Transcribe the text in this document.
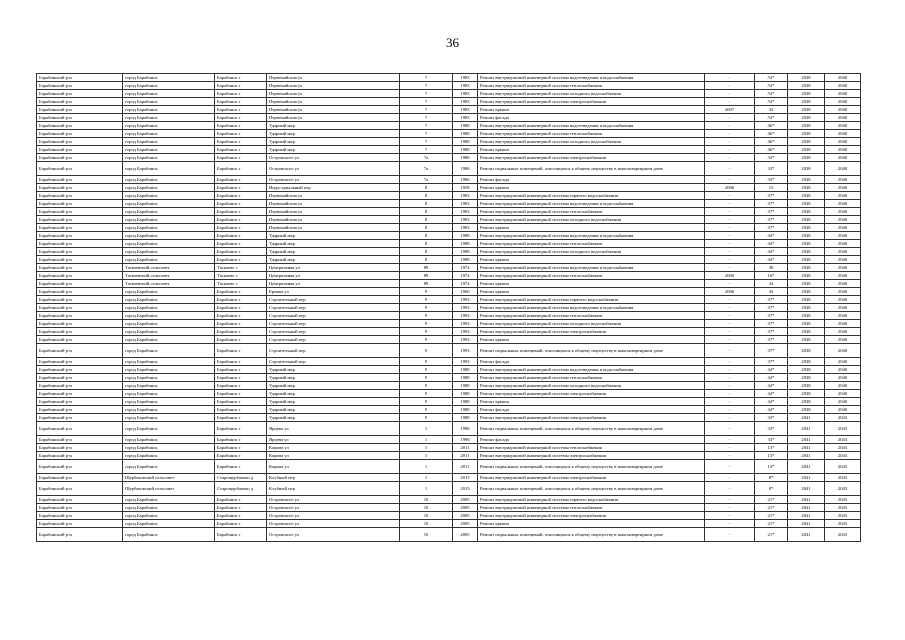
36
Барабинский р-н	город Барабинск	Барабинск г	Первомайская ул	7	1983	Ремонт внутридомовой инженерной системы водоотведения и водоснабжения	-	53*	2038	2040
Барабинский р-н	город Барабинск	Барабинск г	Первомайская ул	7	1983	Ремонт внутридомовой инженерной системы теплоснабжения	-	53*	2038	2040
Барабинский р-н	город Барабинск	Барабинск г	Первомайская ул	7	1983	Ремонт внутридомовой инженерной системы холодного водоснабжения	-	53*	2038	2040
Барабинский р-н	город Барабинск	Барабинск г	Первомайская ул	7	1983	Ремонт внутридомовой инженерной системы электроснабжения	-	53*	2038	2040
Барабинский р-н	город Барабинск	Барабинск г	Первомайская ул	7	1983	Ремонт крыши	2007	32	2038	2040
Барабинский р-н	город Барабинск	Барабинск г	Первомайская ул	7	1983	Ремонт фасада	-	53*	2038	2040
Барабинский р-н	город Барабинск	Барабинск г	Ударный мкр	7	1988	Ремонт внутридомовой инженерной системы водоотведения и водоснабжения	-	46*	2038	2040
Барабинский р-н	город Барабинск	Барабинск г	Ударный мкр	7	1988	Ремонт внутридомовой инженерной системы теплоснабжения	-	46*	2038	2040
Барабинский р-н	город Барабинск	Барабинск г	Ударный мкр	7	1988	Ремонт внутридомовой инженерной системы холодного водоснабжения	-	46*	2038	2040
Барабинский р-н	город Барабинск	Барабинск г	Ударный мкр	7	1988	Ремонт крыши	-	46*	2038	2040
Барабинский р-н	город Барабинск	Барабинск г	Островского ул	7а	1986	Ремонт внутридомовой инженерной системы электроснабжения	-	33*	2038	2040
Барабинский р-н	город Барабинск	Барабинск г	Островского ул	7а	1986	Ремонт подвальных помещений, относящихся к общему имуществу в многоквартирном доме	-	33*	2038	2040
Барабинский р-н	город Барабинск	Барабинск г	Островского ул	7а	1986	Ремонт фасада	-	33*	2038	2040
Барабинский р-н	город Барабинск	Барабинск г	Индустриальный пер	8	1958	Ремонт крыши	2006	15	2038	2040
Барабинский р-н	город Барабинск	Барабинск г	Первомайская ул	8	1983	Ремонт внутридомовой инженерной системы горячего водоснабжения	-	37*	2038	2040
Барабинский р-н	город Барабинск	Барабинск г	Первомайская ул	8	1983	Ремонт внутридомовой инженерной системы водоотведения и водоснабжения	-	37*	2038	2040
Барабинский р-н	город Барабинск	Барабинск г	Первомайская ул	8	1983	Ремонт внутридомовой инженерной системы теплоснабжения	-	37*	2038	2040
Барабинский р-н	город Барабинск	Барабинск г	Первомайская ул	8	1983	Ремонт внутридомовой инженерной системы холодного водоснабжения	-	37*	2038	2040
Барабинский р-н	город Барабинск	Барабинск г	Первомайская ул	8	1983	Ремонт крыши	-	37*	2038	2040
Барабинский р-н	город Барабинск	Барабинск г	Ударный мкр	8	1988	Ремонт внутридомовой инженерной системы водоотведения и водоснабжения	-	44*	2038	2040
Барабинский р-н	город Барабинск	Барабинск г	Ударный мкр	8	1988	Ремонт внутридомовой инженерной системы теплоснабжения	-	44*	2038	2040
Барабинский р-н	город Барабинск	Барабинск г	Ударный мкр	8	1988	Ремонт внутридомовой инженерной системы холодного водоснабжения	-	44*	2038	2040
Барабинский р-н	город Барабинск	Барабинск г	Ударный мкр	8	1988	Ремонт крыши	-	44*	2038	2040
Барабинский р-н	Таскаевский сельсовет	Таскаево с	Центральная ул	89	1974	Ремонт внутридомовой инженерной системы водоотведения и водоснабжения	-	30	2038	2040
Барабинский р-н	Таскаевский сельсовет	Таскаево с	Центральная ул	89	1974	Ремонт внутридомовой инженерной системы теплоснабжения	2000	16*	2038	2040
Барабинский р-н	Таскаевский сельсовет	Таскаево с	Центральная ул	89	1974	Ремонт крыши	-	34	2038	2040
Барабинский р-н	город Барабинск	Барабинск г	Ермака ул	9	1960	Ремонт крыши	2006	43	2038	2040
Барабинский р-н	город Барабинск	Барабинск г	Строительный пер	9	1993	Ремонт внутридомовой инженерной системы горячего водоснабжения	-	37*	2038	2040
Барабинский р-н	город Барабинск	Барабинск г	Строительный пер	9	1993	Ремонт внутридомовой инженерной системы водоотведения и водоснабжения	-	37*	2038	2040
Барабинский р-н	город Барабинск	Барабинск г	Строительный пер	9	1993	Ремонт внутридомовой инженерной системы теплоснабжения	-	37*	2038	2040
Барабинский р-н	город Барабинск	Барабинск г	Строительный пер	9	1993	Ремонт внутридомовой инженерной системы холодного водоснабжения	-	37*	2038	2040
Барабинский р-н	город Барабинск	Барабинск г	Строительный пер	9	1993	Ремонт внутридомовой инженерной системы электроснабжения	-	37*	2038	2040
Барабинский р-н	город Барабинск	Барабинск г	Строительный пер	9	1993	Ремонт крыши	-	37*	2038	2040
Барабинский р-н	город Барабинск	Барабинск г	Строительный пер	9	1993	Ремонт подвальных помещений, относящихся к общему имуществу в многоквартирном доме	-	37*	2038	2040
Барабинский р-н	город Барабинск	Барабинск г	Строительный пер	9	1993	Ремонт фасада	-	37*	2038	2040
Барабинский р-н	город Барабинск	Барабинск г	Ударный мкр	9	1988	Ремонт внутридомовой инженерной системы водоотведения и водоснабжения	-	44*	2038	2040
Барабинский р-н	город Барабинск	Барабинск г	Ударный мкр	9	1988	Ремонт внутридомовой инженерной системы теплоснабжения	-	44*	2038	2040
Барабинский р-н	город Барабинск	Барабинск г	Ударный мкр	9	1988	Ремонт внутридомовой инженерной системы холодного водоснабжения	-	44*	2038	2040
Барабинский р-н	город Барабинск	Барабинск г	Ударный мкр	9	1988	Ремонт внутридомовой инженерной системы электроснабжения	-	44*	2038	2040
Барабинский р-н	город Барабинск	Барабинск г	Ударный мкр	9	1988	Ремонт крыши	-	44*	2038	2040
Барабинский р-н	город Барабинск	Барабинск г	Ударный мкр	9	1988	Ремонт фасада	-	44*	2038	2040
Барабинский р-н	город Барабинск	Барабинск г	Ударный мкр	9	1988	Ремонт внутридомовой инженерной системы электроснабжения	-	33*	2041	2043
Барабинский р-н	город Барабинск	Барабинск г	Ярцева ул	1	1996	Ремонт подвальных помещений, относящихся к общему имуществу в многоквартирном доме	-	33*	2041	2043
Барабинский р-н	город Барабинск	Барабинск г	Ярцева ул	1	1996	Ремонт фасада	-	33*	2041	2043
Барабинский р-н	город Барабинск	Барабинск г	Кирова ул	1	2011	Ремонт внутридомовой инженерной системы теплоснабжения	-	13*	2041	2043
Барабинский р-н	город Барабинск	Барабинск г	Кирова ул	1	2011	Ремонт внутридомовой инженерной системы электроснабжения	-	13*	2041	2043
Барабинский р-н	город Барабинск	Барабинск г	Кирова ул	1	2011	Ремонт подвальных помещений, относящихся к общему имуществу в многоквартирном доме	-	13*	2041	2043
Барабинский р-н	Щербаковский сельсовет	Старощербаково д	Клубный пер	1	2015	Ремонт внутридомовой инженерной системы электроснабжения	-	8*	2041	2043
Барабинский р-н	Щербаковский сельсовет	Старощербаково д	Клубный пер	1	2015	Ремонт подвальных помещений, относящихся к общему имуществу в многоквартирном доме	-	8*	2041	2043
Барабинский р-н	город Барабинск	Барабинск г	Островского ул	10	2005	Ремонт внутридомовой инженерной системы горячего водоснабжения	-	21*	2041	2043
Барабинский р-н	город Барабинск	Барабинск г	Островского ул	10	2005	Ремонт внутридомовой инженерной системы теплоснабжения	-	21*	2041	2043
Барабинский р-н	город Барабинск	Барабинск г	Островского ул	10	2005	Ремонт внутридомовой инженерной системы электроснабжения	-	21*	2041	2043
Барабинский р-н	город Барабинск	Барабинск г	Островского ул	10	2005	Ремонт крыши	-	21*	2041	2043
Барабинский р-н	город Барабинск	Барабинск г	Островского ул	10	2005	Ремонт подвальных помещений, относящихся к общему имуществу в многоквартирном доме	-	21*	2041	2043
